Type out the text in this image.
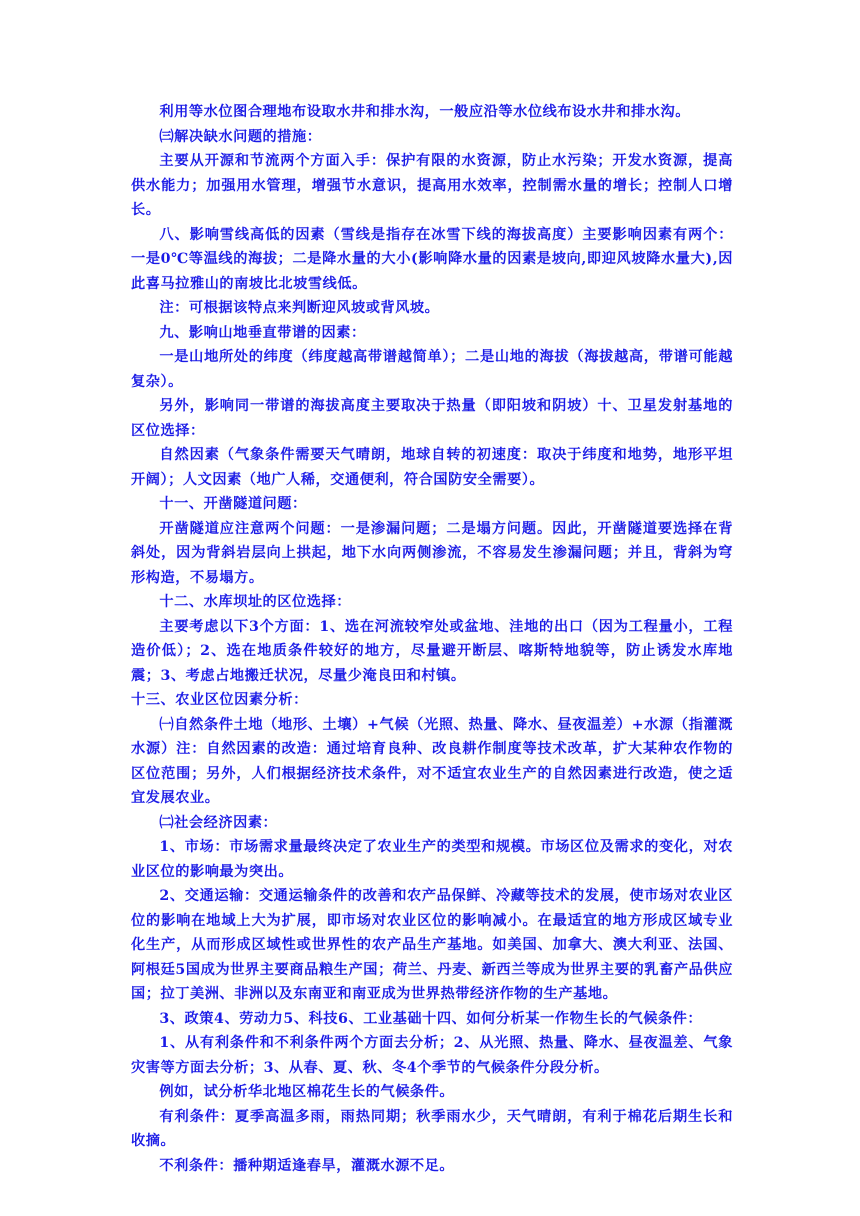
利用等水位图合理地布设取水井和排水沟，一般应沿等水位线布设水井和排水沟。

㈢解决缺水问题的措施：

主要从开源和节流两个方面入手：保护有限的水资源，防止水污染；开发水资源，提高供水能力；加强用水管理，增强节水意识，提高用水效率，控制需水量的增长；控制人口增长。

八、影响雪线高低的因素（雪线是指存在冰雪下线的海拔高度）主要影响因素有两个：一是0℃等温线的海拔；二是降水量的大小(影响降水量的因素是坡向,即迎风坡降水量大),因此喜马拉雅山的南坡比北坡雪线低。

注：可根据该特点来判断迎风坡或背风坡。

九、影响山地垂直带谱的因素：

一是山地所处的纬度（纬度越高带谱越简单）；二是山地的海拔（海拔越高，带谱可能越复杂）。

另外，影响同一带谱的海拔高度主要取决于热量（即阳坡和阴坡）十、卫星发射基地的区位选择：

自然因素（气象条件需要天气晴朗，地球自转的初速度：取决于纬度和地势，地形平坦开阔）；人文因素（地广人稀，交通便利，符合国防安全需要）。

十一、开凿隧道问题：

开凿隧道应注意两个问题：一是渗漏问题；二是塌方问题。因此，开凿隧道要选择在背斜处，因为背斜岩层向上拱起，地下水向两侧渗流，不容易发生渗漏问题；并且，背斜为穹形构造，不易塌方。

十二、水库坝址的区位选择：

主要考虑以下3个方面：1、选在河流较窄处或盆地、洼地的出口（因为工程量小，工程造价低）；2、选在地质条件较好的地方，尽量避开断层、喀斯特地貌等，防止诱发水库地震；3、考虑占地搬迁状况，尽量少淹良田和村镇。

十三、农业区位因素分析：

㈠自然条件土地（地形、土壤）+气候（光照、热量、降水、昼夜温差）+水源（指灌溉水源）注：自然因素的改造：通过培育良种、改良耕作制度等技术改革，扩大某种农作物的区位范围；另外，人们根据经济技术条件，对不适宜农业生产的自然因素进行改造，使之适宜发展农业。

㈡社会经济因素：

1、市场：市场需求量最终决定了农业生产的类型和规模。市场区位及需求的变化，对农业区位的影响最为突出。

2、交通运输：交通运输条件的改善和农产品保鲜、冷藏等技术的发展，使市场对农业区位的影响在地域上大为扩展，即市场对农业区位的影响减小。在最适宜的地方形成区域专业化生产，从而形成区域性或世界性的农产品生产基地。如美国、加拿大、澳大利亚、法国、阿根廷5国成为世界主要商品粮生产国；荷兰、丹麦、新西兰等成为世界主要的乳畜产品供应国；拉丁美洲、非洲以及东南亚和南亚成为世界热带经济作物的生产基地。

3、政策4、劳动力5、科技6、工业基础十四、如何分析某一作物生长的气候条件：

1、从有利条件和不利条件两个方面去分析；2、从光照、热量、降水、昼夜温差、气象灾害等方面去分析；3、从春、夏、秋、冬4个季节的气候条件分段分析。

例如，试分析华北地区棉花生长的气候条件。

有利条件：夏季高温多雨，雨热同期；秋季雨水少，天气晴朗，有利于棉花后期生长和收摘。

不利条件：播种期适逢春旱，灌溉水源不足。
